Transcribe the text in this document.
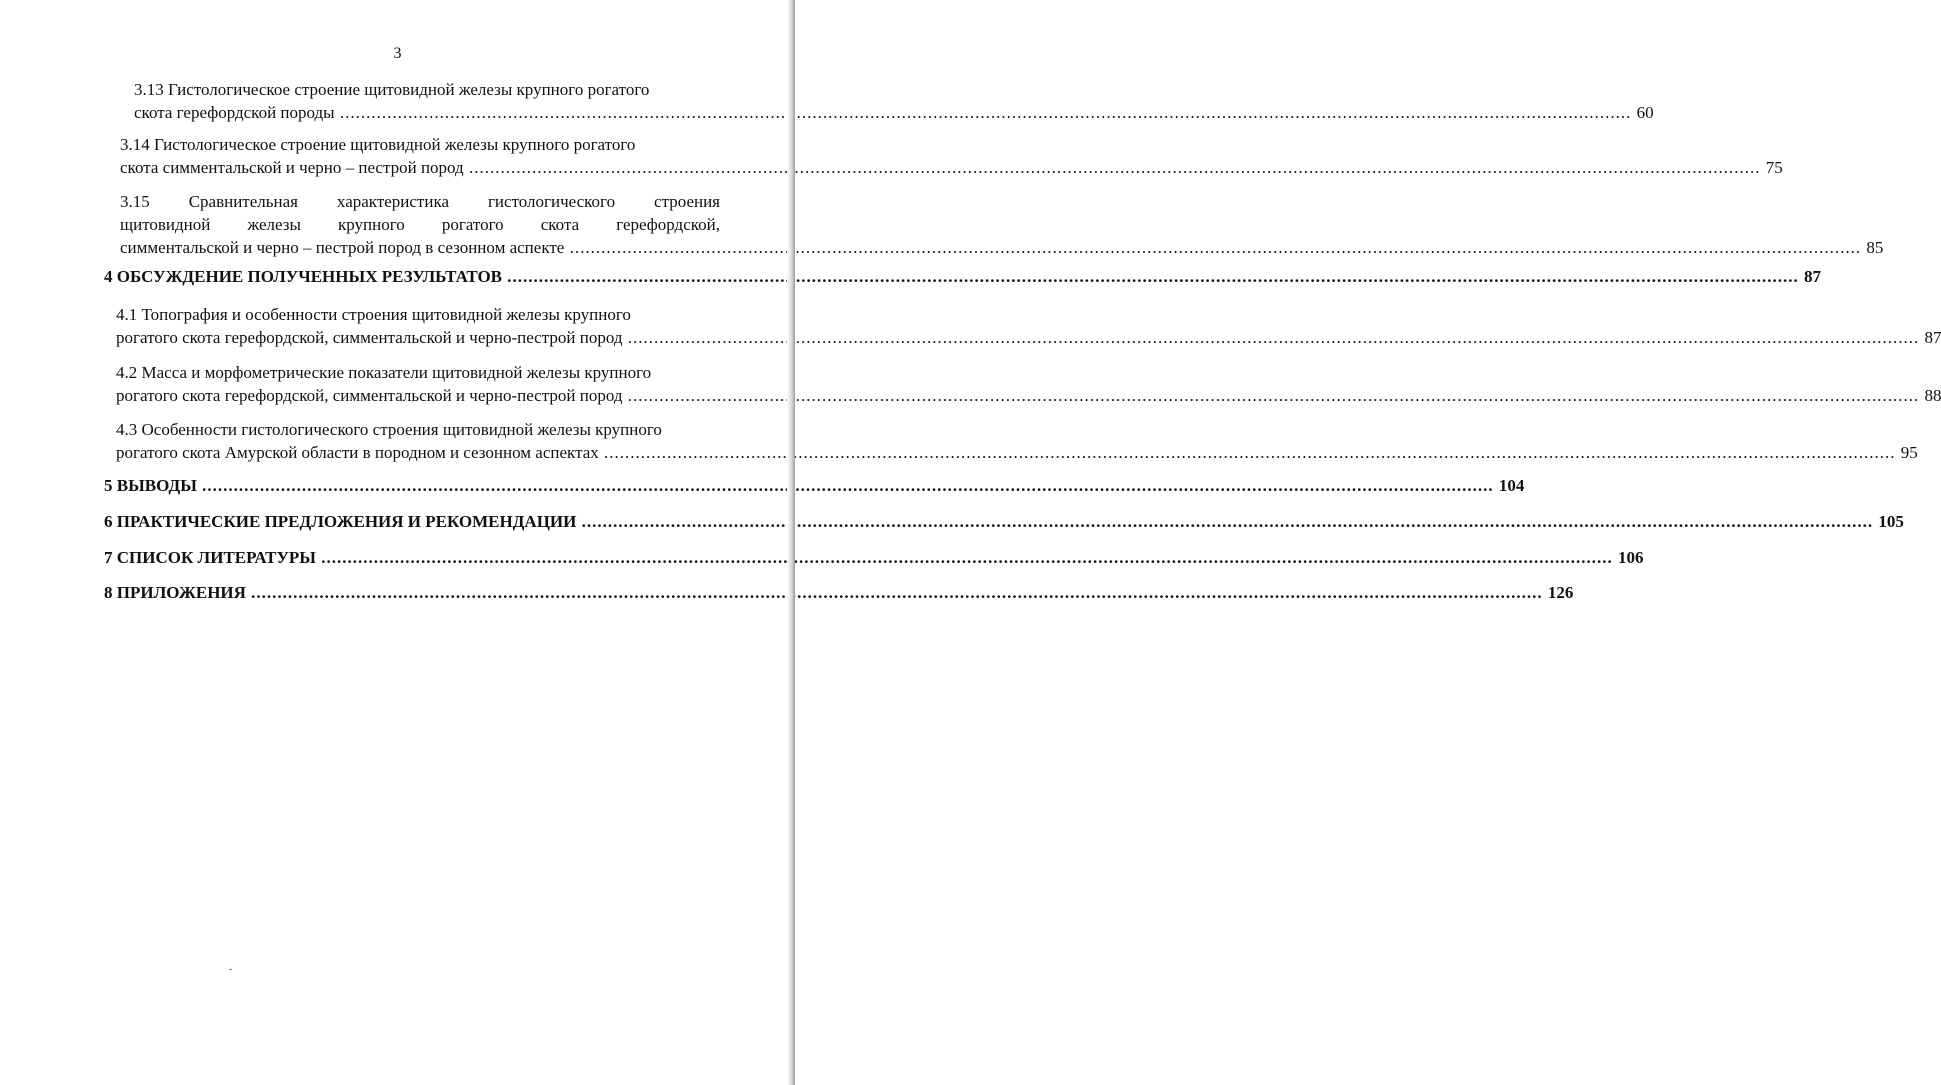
3
3.13 Гистологическое строение щитовидной железы крупного рогатого
скота герефордской породы .....	60
3.14 Гистологическое строение щитовидной железы крупного рогатого
скота симментальской и черно – пестрой пород .....	75
3.15 Сравнительная характеристика гистологического строения
щитовидной железы крупного рогатого скота герефордской,
симментальской и черно – пестрой пород в сезонном аспекте .....	85
4 ОБСУЖДЕНИЕ ПОЛУЧЕННЫХ РЕЗУЛЬТАТОВ .....	87
4.1 Топография и особенности строения щитовидной железы крупного
рогатого скота герефордской, симментальской и черно-пестрой пород .....	87
4.2 Масса и морфометрические показатели щитовидной железы крупного
рогатого скота герефордской, симментальской и черно-пестрой пород .....	88
4.3 Особенности гистологического строения щитовидной железы крупного
рогатого скота Амурской области в породном и сезонном аспектах .....	95
5 ВЫВОДЫ .....	104
6 ПРАКТИЧЕСКИЕ ПРЕДЛОЖЕНИЯ И РЕКОМЕНДАЦИИ .....	105
7 СПИСОК ЛИТЕРАТУРЫ .....	106
8 ПРИЛОЖЕНИЯ .....	126
